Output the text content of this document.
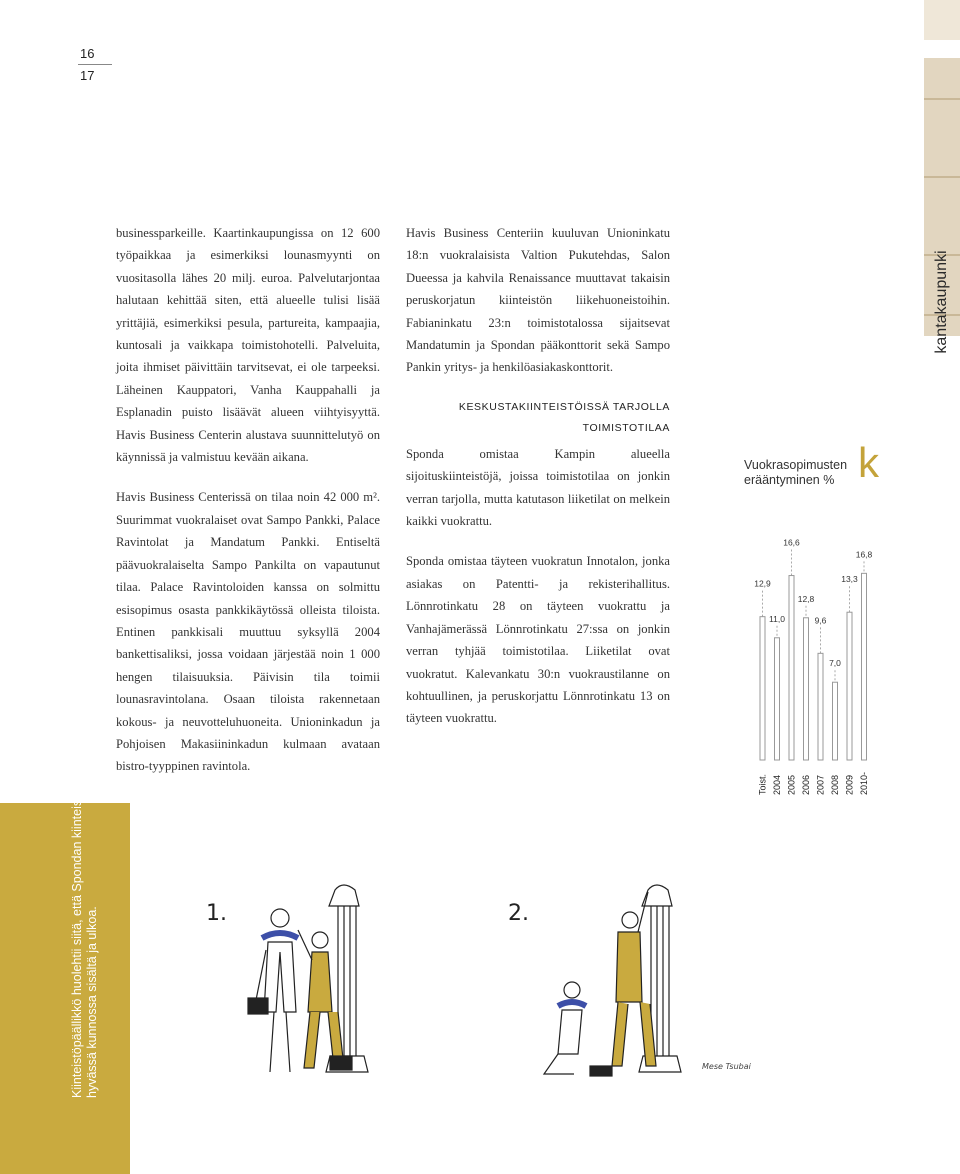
16
17
kantakaupunki

businessparkeille. Kaartinkaupungissa on 12 600 työpaikkaa ja esimerkiksi lounasmyynti on vuositasolla lähes 20 milj. euroa. Palvelutarjontaa halutaan kehittää siten, että alueelle tulisi lisää yrittäjiä, esimerkiksi pesula, partureita, kampaajia, kuntosali ja vaikkapa toimistohotelli. Palveluita, joita ihmiset päivittäin tarvitsevat, ei ole tarpeeksi. Läheinen Kauppatori, Vanha Kauppahalli ja Esplanadin puisto lisäävät alueen viihtyisyyttä. Havis Business Centerin alustava suunnittelutyö on käynnissä ja valmistuu kevään aikana.

Havis Business Centerissä on tilaa noin 42 000 m². Suurimmat vuokralaiset ovat Sampo Pankki, Palace Ravintolat ja Mandatum Pankki. Entiseltä päävuokralaiselta Sampo Pankilta on vapautunut tilaa. Palace Ravintoloiden kanssa on solmittu esisopimus osasta pankkikäytössä olleista tiloista. Entinen pankkisali muuttuu syksyllä 2004 bankettisaliksi, jossa voidaan järjestää noin 1 000 hengen tilaisuuksia. Päivisin tila toimii lounasravintolana. Osaan tiloista rakennetaan kokous- ja neuvotteluhuoneita. Unioninkadun ja Pohjoisen Makasiininkadun kulmaan avataan bistro-tyyppinen ravintola.

Havis Business Centeriin kuuluvan Unioninkatu 18:n vuokralaisista Valtion Pukutehdas, Salon Dueessa ja kahvila Renaissance muuttavat takaisin peruskorjatun kiinteistön liikehuoneistoihin. Fabianinkatu 23:n toimistotalossa sijaitsevat Mandatumin ja Spondan pääkonttorit sekä Sampo Pankin yritys- ja henkilöasiakaskonttorit.

KESKUSTAKIINTEISTÖISSÄ TARJOLLA
TOIMISTOTILAA

Sponda omistaa Kampin alueella sijoituskiinteistöjä, joissa toimistotilaa on jonkin verran tarjolla, mutta katutason liiketilat on melkein kaikki vuokrattu.

Sponda omistaa täyteen vuokratun Innotalon, jonka asiakas on Patentti- ja rekisterihallitus. Lönnrotinkatu 28 on täyteen vuokrattu ja Vanhajämerässä Lönnrotinkatu 27:ssa on jonkin verran tyhjää toimistotilaa. Liiketilat ovat vuokratut. Kalevankatu 30:n vuokraustilanne on kohtuullinen, ja peruskorjattu Lönnrotinkatu 13 on täyteen vuokrattu.

Vuokrasopimusten
erääntyminen % k
12,9
Toist.
11,0
2004
16,6
2005
12,8
2006
9,6
2007
7,0
2008
13,3
2009
16,8
2010-
Kiinteistöpäällikkö huolehtii siitä, että Spondan kiinteistöt ovat hyvässä kunnossa sisältä ja ulkoa.	1.	2.
Mese Tsubai
